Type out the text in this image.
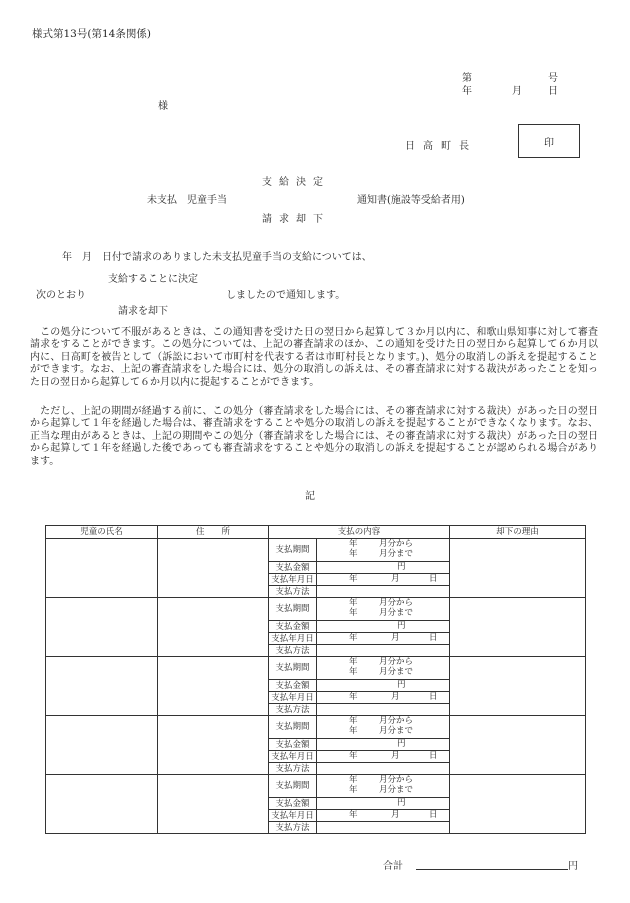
様式第13号(第14条関係)
第	号
年	月	日
様
日高町長	印
支給決定
未支払　児童手当	通知書(施設等受給者用)
請求却下
年　月　日付で請求のありました未支払児童手当の支給については、
支給することに決定
次のとおり	しましたので通知します。
請求を却下
　この処分について不服があるときは、この通知書を受けた日の翌日から起算して３か月以内に、和歌山県知事に対して審査請求をすることができます。この処分については、上記の審査請求のほか、この通知を受けた日の翌日から起算して６か月以内に、日高町を被告として（訴訟において市町村を代表する者は市町村長となります。)、処分の取消しの訴えを提起することができます。なお、上記の審査請求をした場合には、処分の取消しの訴えは、その審査請求に対する裁決があったことを知った日の翌日から起算して６か月以内に提起することができます。
　ただし、上記の期間が経過する前に、この処分（審査請求をした場合には、その審査請求に対する裁決）があった日の翌日から起算して１年を経過した場合は、審査請求をすることや処分の取消しの訴えを提起することができなくなります。なお、正当な理由があるときは、上記の期間やこの処分（審査請求をした場合には、その審査請求に対する裁決）があった日の翌日から起算して１年を経過した後であっても審査請求をすることや処分の取消しの訴えを提起することが認められる場合があります。
記
児童の氏名	住　　所	支払の内容		却下の理由
		支払期間	年 月分から
年 月分まで	

		支払金額	円	

		支払年月日	年 月 日	

		支払方法		
		支払期間	年 月分から
年 月分まで	

		支払金額	円	

		支払年月日	年 月 日	

		支払方法		
		支払期間	年 月分から
年 月分まで	

		支払金額	円	

		支払年月日	年 月 日	

		支払方法		
		支払期間	年 月分から
年 月分まで	

		支払金額	円	

		支払年月日	年 月 日	

		支払方法		
		支払期間	年 月分から
年 月分まで	

		支払金額	円	

		支払年月日	年 月 日	

		支払方法		
合計	円
